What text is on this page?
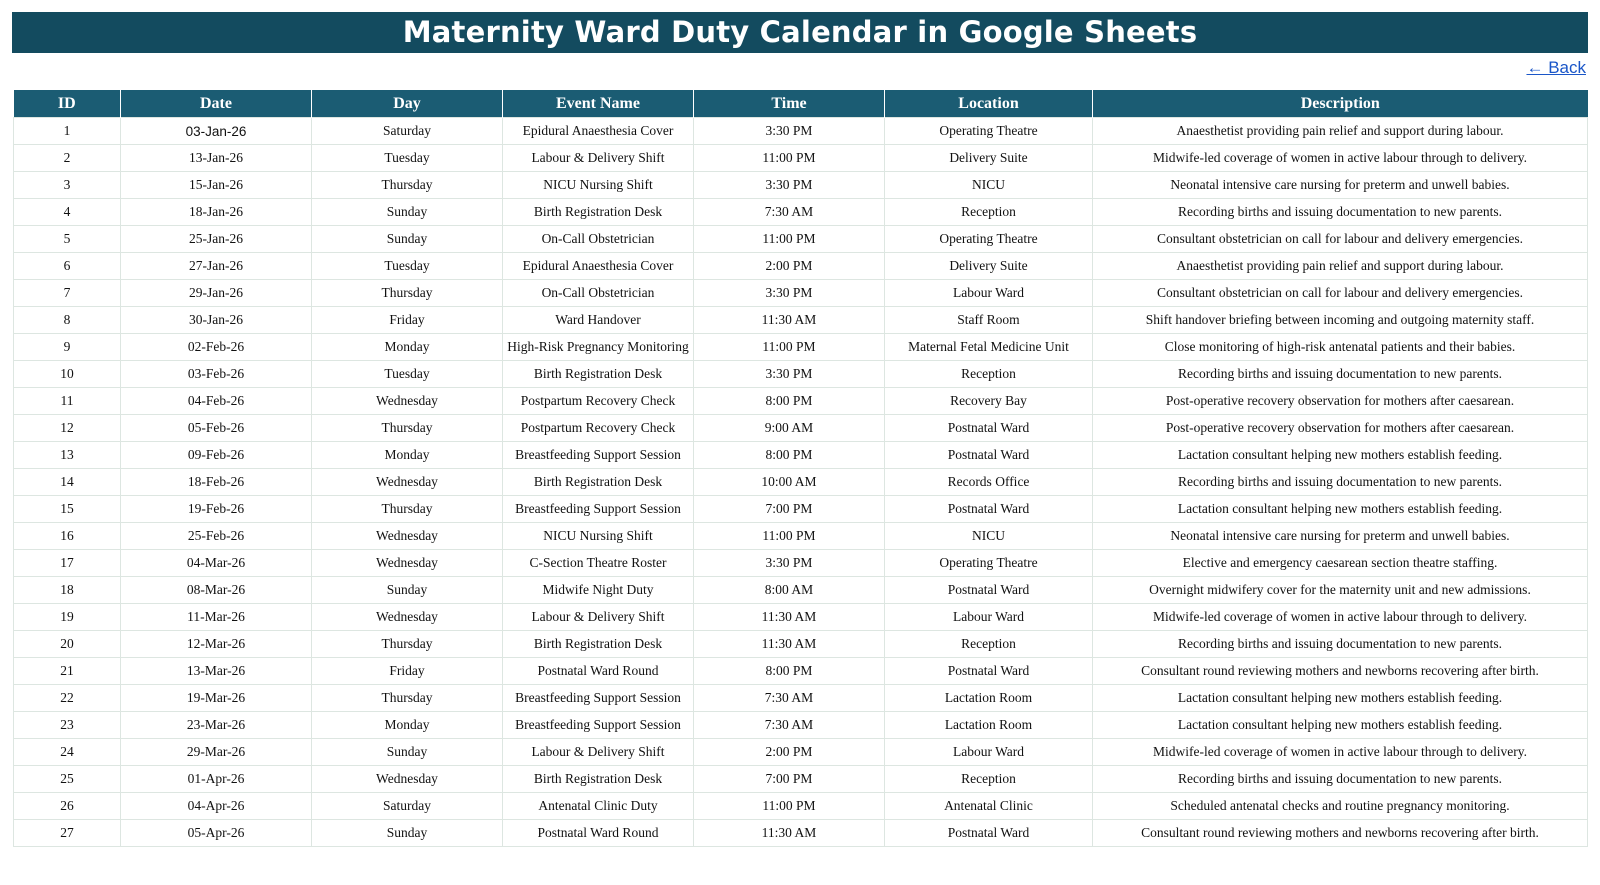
Maternity Ward Duty Calendar in Google Sheets
← Back
ID	Date	Day	Event Name	Time	Location	Description
1	03-Jan-26	Saturday	Epidural Anaesthesia Cover	3:30 PM	Operating Theatre	Anaesthetist providing pain relief and support during labour.
2	13-Jan-26	Tuesday	Labour & Delivery Shift	11:00 PM	Delivery Suite	Midwife-led coverage of women in active labour through to delivery.
3	15-Jan-26	Thursday	NICU Nursing Shift	3:30 PM	NICU	Neonatal intensive care nursing for preterm and unwell babies.
4	18-Jan-26	Sunday	Birth Registration Desk	7:30 AM	Reception	Recording births and issuing documentation to new parents.
5	25-Jan-26	Sunday	On-Call Obstetrician	11:00 PM	Operating Theatre	Consultant obstetrician on call for labour and delivery emergencies.
6	27-Jan-26	Tuesday	Epidural Anaesthesia Cover	2:00 PM	Delivery Suite	Anaesthetist providing pain relief and support during labour.
7	29-Jan-26	Thursday	On-Call Obstetrician	3:30 PM	Labour Ward	Consultant obstetrician on call for labour and delivery emergencies.
8	30-Jan-26	Friday	Ward Handover	11:30 AM	Staff Room	Shift handover briefing between incoming and outgoing maternity staff.
9	02-Feb-26	Monday	High-Risk Pregnancy Monitoring	11:00 PM	Maternal Fetal Medicine Unit	Close monitoring of high-risk antenatal patients and their babies.
10	03-Feb-26	Tuesday	Birth Registration Desk	3:30 PM	Reception	Recording births and issuing documentation to new parents.
11	04-Feb-26	Wednesday	Postpartum Recovery Check	8:00 PM	Recovery Bay	Post-operative recovery observation for mothers after caesarean.
12	05-Feb-26	Thursday	Postpartum Recovery Check	9:00 AM	Postnatal Ward	Post-operative recovery observation for mothers after caesarean.
13	09-Feb-26	Monday	Breastfeeding Support Session	8:00 PM	Postnatal Ward	Lactation consultant helping new mothers establish feeding.
14	18-Feb-26	Wednesday	Birth Registration Desk	10:00 AM	Records Office	Recording births and issuing documentation to new parents.
15	19-Feb-26	Thursday	Breastfeeding Support Session	7:00 PM	Postnatal Ward	Lactation consultant helping new mothers establish feeding.
16	25-Feb-26	Wednesday	NICU Nursing Shift	11:00 PM	NICU	Neonatal intensive care nursing for preterm and unwell babies.
17	04-Mar-26	Wednesday	C-Section Theatre Roster	3:30 PM	Operating Theatre	Elective and emergency caesarean section theatre staffing.
18	08-Mar-26	Sunday	Midwife Night Duty	8:00 AM	Postnatal Ward	Overnight midwifery cover for the maternity unit and new admissions.
19	11-Mar-26	Wednesday	Labour & Delivery Shift	11:30 AM	Labour Ward	Midwife-led coverage of women in active labour through to delivery.
20	12-Mar-26	Thursday	Birth Registration Desk	11:30 AM	Reception	Recording births and issuing documentation to new parents.
21	13-Mar-26	Friday	Postnatal Ward Round	8:00 PM	Postnatal Ward	Consultant round reviewing mothers and newborns recovering after birth.
22	19-Mar-26	Thursday	Breastfeeding Support Session	7:30 AM	Lactation Room	Lactation consultant helping new mothers establish feeding.
23	23-Mar-26	Monday	Breastfeeding Support Session	7:30 AM	Lactation Room	Lactation consultant helping new mothers establish feeding.
24	29-Mar-26	Sunday	Labour & Delivery Shift	2:00 PM	Labour Ward	Midwife-led coverage of women in active labour through to delivery.
25	01-Apr-26	Wednesday	Birth Registration Desk	7:00 PM	Reception	Recording births and issuing documentation to new parents.
26	04-Apr-26	Saturday	Antenatal Clinic Duty	11:00 PM	Antenatal Clinic	Scheduled antenatal checks and routine pregnancy monitoring.
27	05-Apr-26	Sunday	Postnatal Ward Round	11:30 AM	Postnatal Ward	Consultant round reviewing mothers and newborns recovering after birth.
